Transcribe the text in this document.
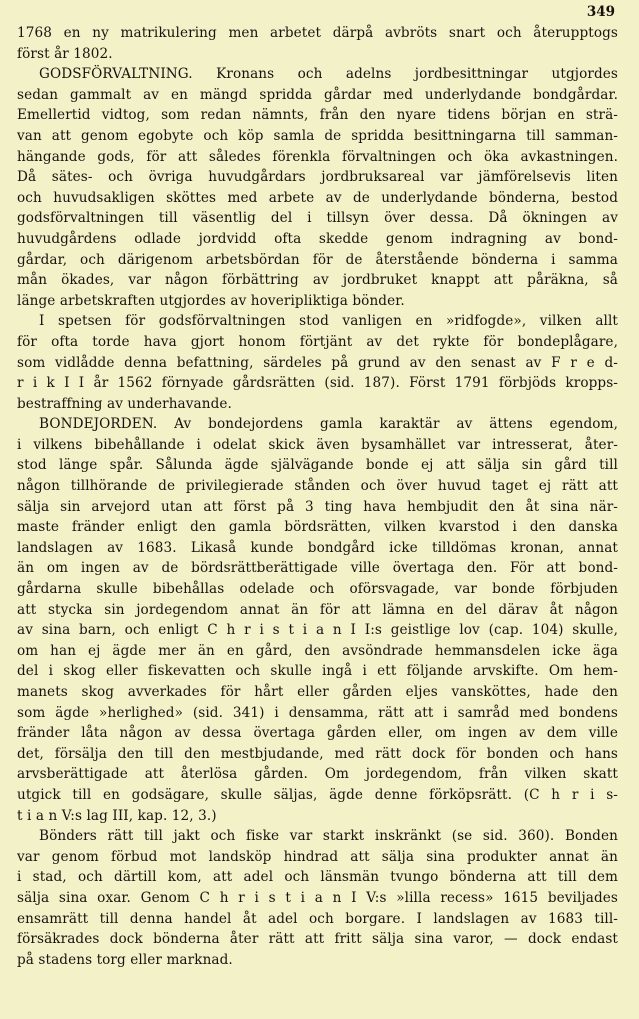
349
1768 en ny matrikulering men arbetet därpå avbröts snart och återupptogs
först år 1802.
GODSFÖRVALTNING. Kronans och adelns jordbesittningar utgjordes
sedan gammalt av en mängd spridda gårdar med underlydande bondgårdar.
Emellertid vidtog, som redan nämnts, från den nyare tidens början en strä-
van att genom egobyte och köp samla de spridda besittningarna till samman-
hängande gods, för att således förenkla förvaltningen och öka avkastningen.
Då sätes- och övriga huvudgårdars jordbruksareal var jämförelsevis liten
och huvudsakligen sköttes med arbete av de underlydande bönderna, bestod
godsförvaltningen till väsentlig del i tillsyn över dessa. Då ökningen av
huvudgårdens odlade jordvidd ofta skedde genom indragning av bond-
gårdar, och därigenom arbetsbördan för de återstående bönderna i samma
mån ökades, var någon förbättring av jordbruket knappt att påräkna, så
länge arbetskraften utgjordes av hoveripliktiga bönder.
I spetsen för godsförvaltningen stod vanligen en »ridfogde», vilken allt
för ofta torde hava gjort honom förtjänt av det rykte för bondeplågare,
som vidlådde denna befattning, särdeles på grund av den senast av F r e d-
r i k I I år 1562 förnyade gårdsrätten (sid. 187). Först 1791 förbjöds kropps-
bestraffning av underhavande.
BONDEJORDEN. Av bondejordens gamla karaktär av ättens egendom,
i vilkens bibehållande i odelat skick även bysamhället var intresserat, åter-
stod länge spår. Sålunda ägde självägande bonde ej att sälja sin gård till
någon tillhörande de privilegierade stånden och över huvud taget ej rätt att
sälja sin arvejord utan att först på 3 ting hava hembjudit den åt sina när-
maste fränder enligt den gamla bördsrätten, vilken kvarstod i den danska
landslagen av 1683. Likaså kunde bondgård icke tilldömas kronan, annat
än om ingen av de bördsrättberättigade ville övertaga den. För att bond-
gårdarna skulle bibehållas odelade och oförsvagade, var bonde förbjuden
att stycka sin jordegendom annat än för att lämna en del därav åt någon
av sina barn, och enligt C h r i s t i a n I I:s geistlige lov (cap. 104) skulle,
om han ej ägde mer än en gård, den avsöndrade hemmansdelen icke äga
del i skog eller fiskevatten och skulle ingå i ett följande arvskifte. Om hem-
manets skog avverkades för hårt eller gården eljes vansköttes, hade den
som ägde »herlighed» (sid. 341) i densamma, rätt att i samråd med bondens
fränder låta någon av dessa övertaga gården eller, om ingen av dem ville
det, försälja den till den mestbjudande, med rätt dock för bonden och hans
arvsberättigade att återlösa gården. Om jordegendom, från vilken skatt
utgick till en godsägare, skulle säljas, ägde denne förköpsrätt. (C h r i s-
t i a n V:s lag III, kap. 12, 3.)
Bönders rätt till jakt och fiske var starkt inskränkt (se sid. 360). Bonden
var genom förbud mot landsköp hindrad att sälja sina produkter annat än
i stad, och därtill kom, att adel och länsmän tvungo bönderna att till dem
sälja sina oxar. Genom C h r i s t i a n I V:s »lilla recess» 1615 beviljades
ensamrätt till denna handel åt adel och borgare. I landslagen av 1683 till-
försäkrades dock bönderna åter rätt att fritt sälja sina varor, — dock endast
på stadens torg eller marknad.
